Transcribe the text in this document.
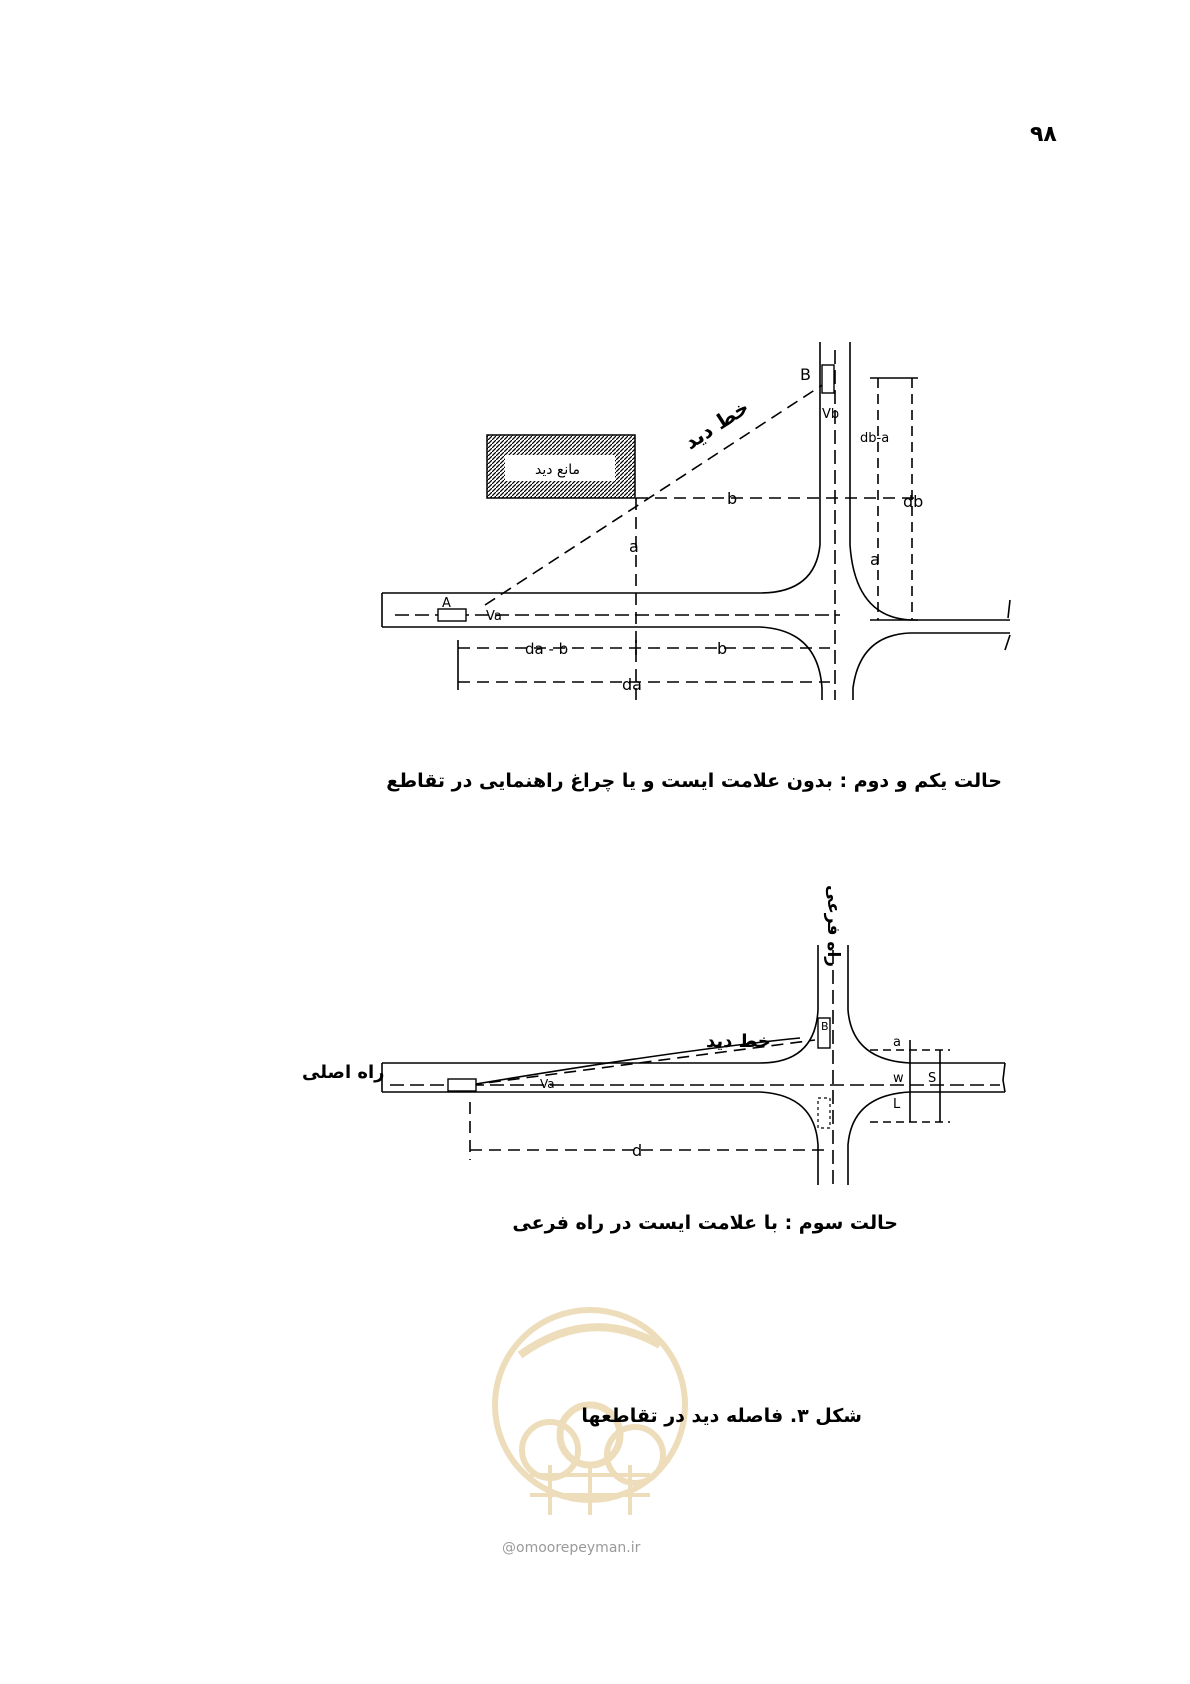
۹۸
B
A
Vb
Va
خط دید
مانع دید
b
a
a
db-a
db
da - b	b
da
حالت یکم و دوم : بدون علامت ایست و یا چراغ راهنمایی در تقاطع
راه فرعی
خط دید
B
Va
d
a
w
L
S
راه اصلی
حالت سوم : با علامت ایست در راه فرعی
@omoorepeyman.ir
شکل ۳. فاصله دید در تقاطعها
